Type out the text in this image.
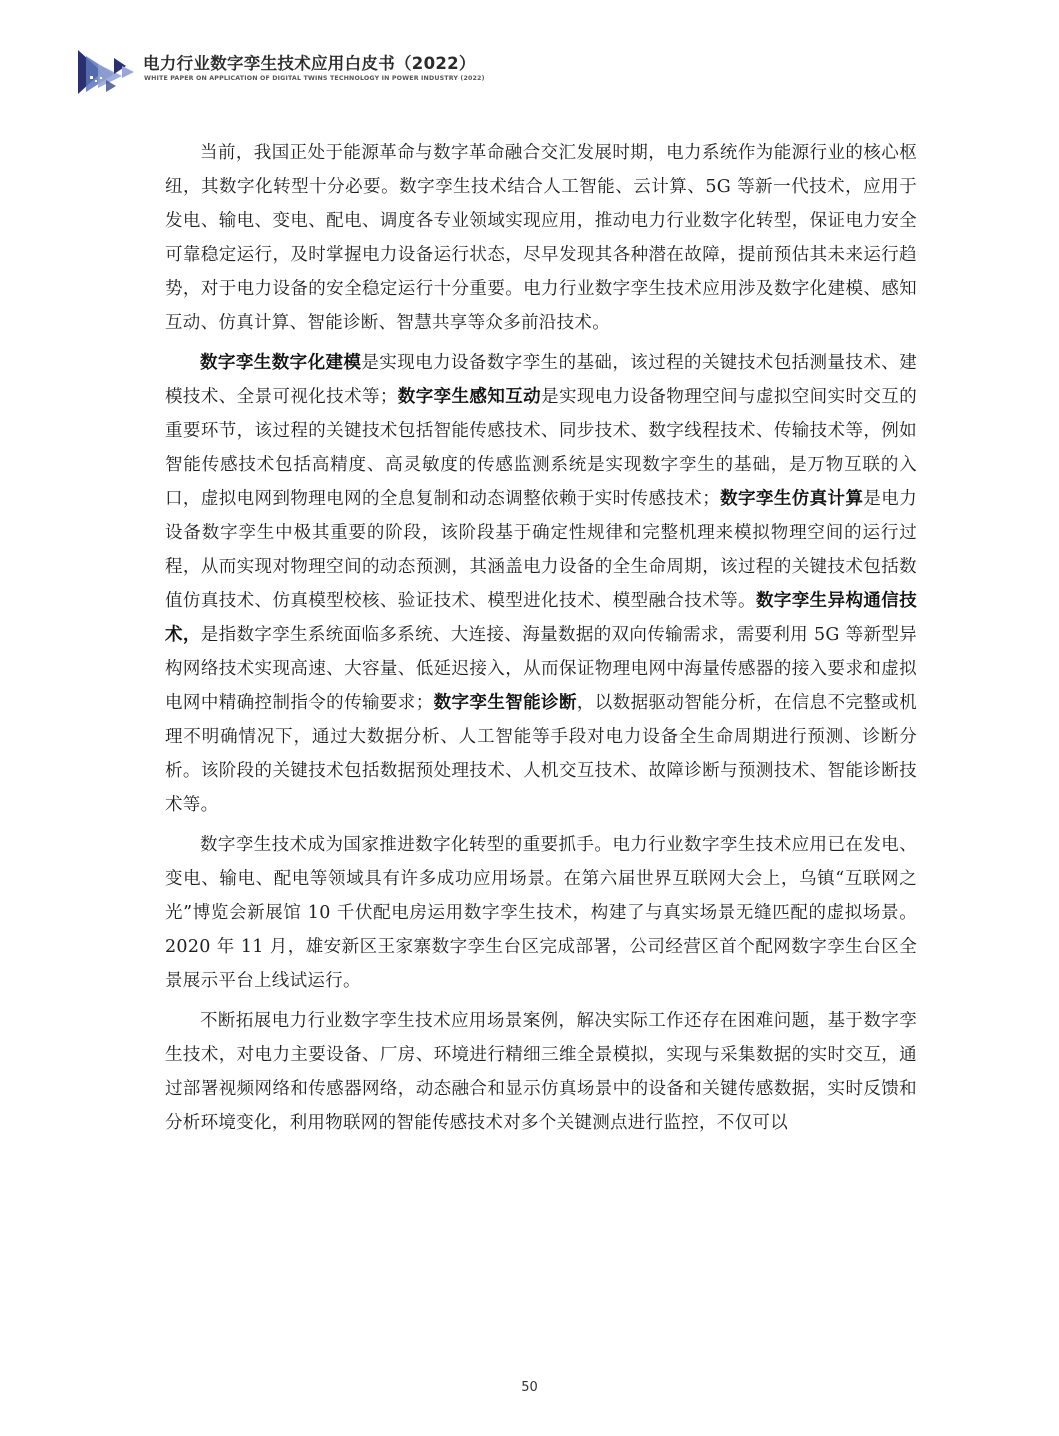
电力行业数字孪生技术应用白皮书（2022）
WHITE PAPER ON APPLICATION OF DIGITAL TWINS TECHNOLOGY IN POWER INDUSTRY (2022)

当前，我国正处于能源革命与数字革命融合交汇发展时期，电力系统作为能源行业的核心枢纽，其数字化转型十分必要。数字孪生技术结合人工智能、云计算、5G 等新一代技术，应用于发电、输电、变电、配电、调度各专业领域实现应用，推动电力行业数字化转型，保证电力安全可靠稳定运行，及时掌握电力设备运行状态，尽早发现其各种潜在故障，提前预估其未来运行趋势，对于电力设备的安全稳定运行十分重要。电力行业数字孪生技术应用涉及数字化建模、感知互动、仿真计算、智能诊断、智慧共享等众多前沿技术。

数字孪生数字化建模是实现电力设备数字孪生的基础，该过程的关键技术包括测量技术、建模技术、全景可视化技术等；数字孪生感知互动是实现电力设备物理空间与虚拟空间实时交互的重要环节，该过程的关键技术包括智能传感技术、同步技术、数字线程技术、传输技术等，例如智能传感技术包括高精度、高灵敏度的传感监测系统是实现数字孪生的基础，是万物互联的入口，虚拟电网到物理电网的全息复制和动态调整依赖于实时传感技术；数字孪生仿真计算是电力设备数字孪生中极其重要的阶段，该阶段基于确定性规律和完整机理来模拟物理空间的运行过程，从而实现对物理空间的动态预测，其涵盖电力设备的全生命周期，该过程的关键技术包括数值仿真技术、仿真模型校核、验证技术、模型进化技术、模型融合技术等。数字孪生异构通信技术，是指数字孪生系统面临多系统、大连接、海量数据的双向传输需求，需要利用 5G 等新型异构网络技术实现高速、大容量、低延迟接入，从而保证物理电网中海量传感器的接入要求和虚拟电网中精确控制指令的传输要求；数字孪生智能诊断，以数据驱动智能分析，在信息不完整或机理不明确情况下，通过大数据分析、人工智能等手段对电力设备全生命周期进行预测、诊断分析。该阶段的关键技术包括数据预处理技术、人机交互技术、故障诊断与预测技术、智能诊断技术等。

数字孪生技术成为国家推进数字化转型的重要抓手。电力行业数字孪生技术应用已在发电、变电、输电、配电等领域具有许多成功应用场景。在第六届世界互联网大会上，乌镇“互联网之光”博览会新展馆 10 千伏配电房运用数字孪生技术，构建了与真实场景无缝匹配的虚拟场景。2020 年 11 月，雄安新区王家寨数字孪生台区完成部署，公司经营区首个配网数字孪生台区全景展示平台上线试运行。

不断拓展电力行业数字孪生技术应用场景案例，解决实际工作还存在困难问题，基于数字孪生技术，对电力主要设备、厂房、环境进行精细三维全景模拟，实现与采集数据的实时交互，通过部署视频网络和传感器网络，动态融合和显示仿真场景中的设备和关键传感数据，实时反馈和分析环境变化，利用物联网的智能传感技术对多个关键测点进行监控，不仅可以

50
